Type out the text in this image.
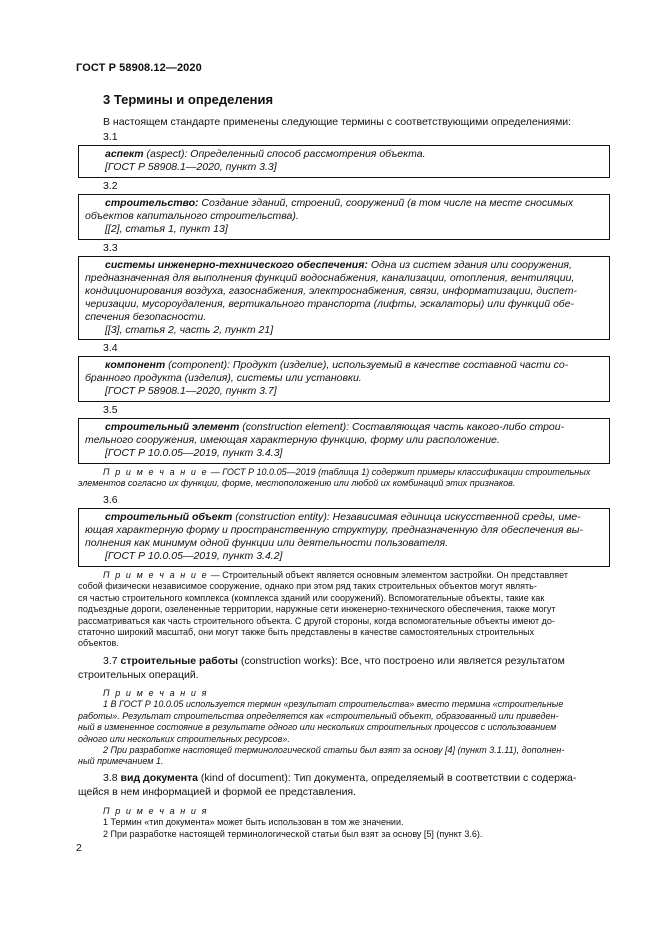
ГОСТ Р 58908.12—2020
3 Термины и определения
В настоящем стандарте применены следующие термины с соответствующими определениями:
3.1
аспект (aspect): Определенный способ рассмотрения объекта.
[ГОСТ Р 58908.1—2020, пункт 3.3]
3.2
строительство: Создание зданий, строений, сооружений (в том числе на месте сносимых
объектов капитального строительства).
[[2], статья 1, пункт 13]
3.3
системы инженерно-технического обеспечения: Одна из систем здания или сооружения,
предназначенная для выполнения функций водоснабжения, канализации, отопления, вентиляции,
кондиционирования воздуха, газоснабжения, электроснабжения, связи, информатизации, диспет-
черизации, мусороудаления, вертикального транспорта (лифты, эскалаторы) или функций обе-
спечения безопасности.
[[3], статья 2, часть 2, пункт 21]
3.4
компонент (component): Продукт (изделие), используемый в качестве составной части со-
бранного продукта (изделия), системы или установки.
[ГОСТ Р 58908.1—2020, пункт 3.7]
3.5
строительный элемент (construction element): Составляющая часть какого-либо строи-
тельного сооружения, имеющая характерную функцию, форму или расположение.
[ГОСТ Р 10.0.05—2019, пункт 3.4.3]
П р и м е ч а н и е — ГОСТ Р 10.0.05—2019 (таблица 1) содержит примеры классификации строительных
элементов согласно их функции, форме, местоположению или любой их комбинаций этих признаков.
3.6
строительный объект (construction entity): Независимая единица искусственной среды, име-
ющая характерную форму и пространственную структуру, предназначенную для обеспечения вы-
полнения как минимум одной функции или деятельности пользователя.
[ГОСТ Р 10.0.05—2019, пункт 3.4.2]
П р и м е ч а н и е — Строительный объект является основным элементом застройки. Он представляет
собой физически независимое сооружение, однако при этом ряд таких строительных объектов могут являть-
ся частью строительного комплекса (комплекса зданий или сооружений). Вспомогательные объекты, такие как
подъездные дороги, озелененные территории, наружные сети инженерно-технического обеспечения, также могут
рассматриваться как часть строительного объекта. С другой стороны, когда вспомогательные объекты имеют до-
статочно широкий масштаб, они могут также быть представлены в качестве самостоятельных строительных
объектов.
3.7 строительные работы (construction works): Все, что построено или является результатом
строительных операций.
П р и м е ч а н и я
1 В ГОСТ Р 10.0.05 используется термин «результат строительства» вместо термина «строительные
работы». Результат строительства определяется как «строительный объект, образованный или приведен-
ный в измененное состояние в результате одного или нескольких строительных процессов с использованием
одного или нескольких строительных ресурсов».
2 При разработке настоящей терминологической статьи был взят за основу [4] (пункт 3.1.11), дополнен-
ный примечанием 1.
3.8 вид документа (kind of document): Тип документа, определяемый в соответствии с содержа-
щейся в нем информацией и формой ее представления.
П р и м е ч а н и я
1 Термин «тип документа» может быть использован в том же значении.
2 При разработке настоящей терминологической статьи был взят за основу [5] (пункт 3.6).
2
